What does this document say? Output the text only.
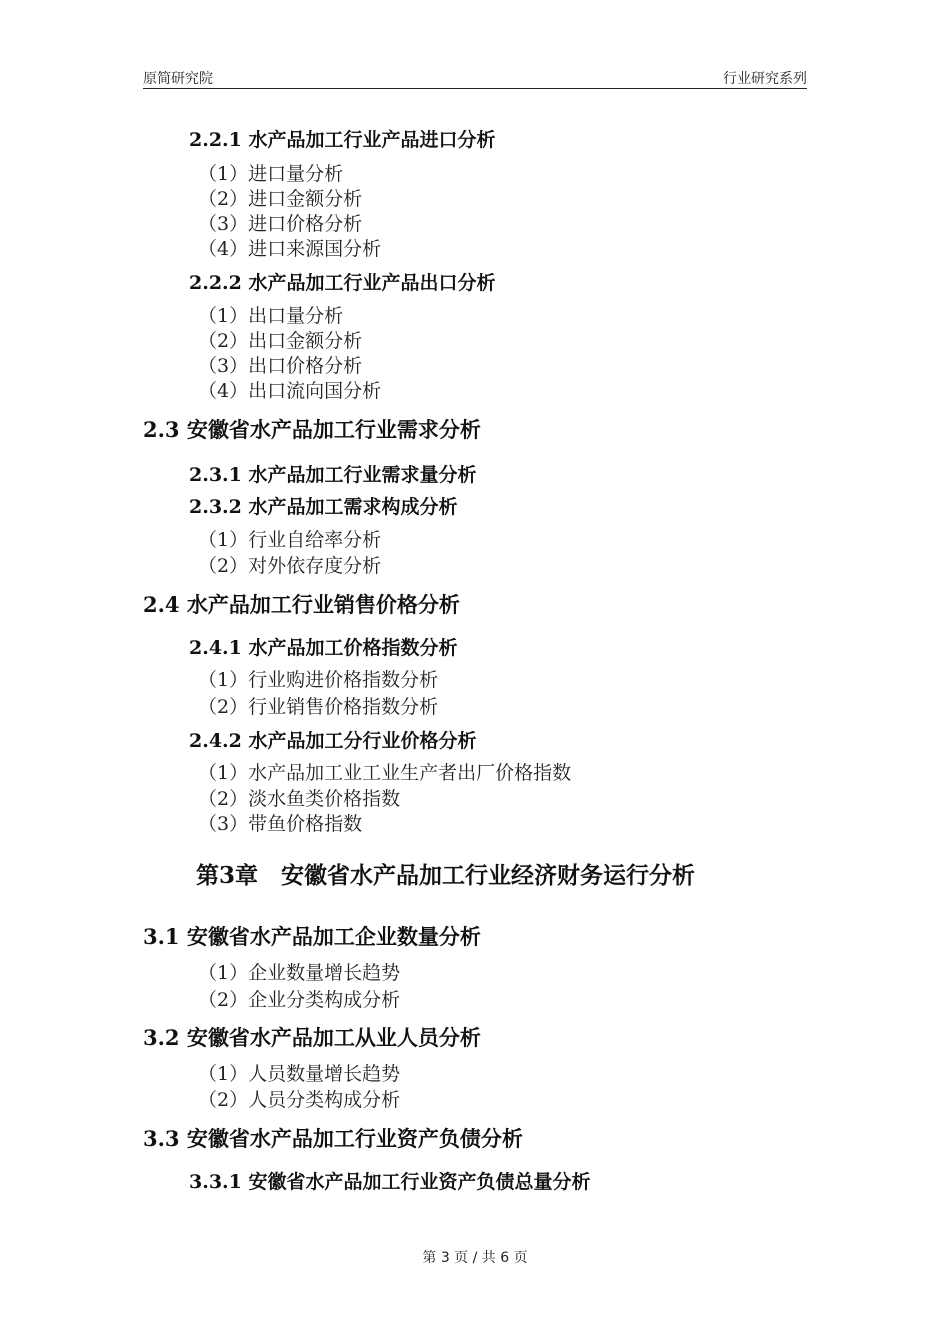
原简研究院	行业研究系列
2.2.1 水产品加工行业产品进口分析
（1）进口量分析
（2）进口金额分析
（3）进口价格分析
（4）进口来源国分析
2.2.2 水产品加工行业产品出口分析
（1）出口量分析
（2）出口金额分析
（3）出口价格分析
（4）出口流向国分析
2.3 安徽省水产品加工行业需求分析
2.3.1 水产品加工行业需求量分析
2.3.2 水产品加工需求构成分析
（1）行业自给率分析
（2）对外依存度分析
2.4 水产品加工行业销售价格分析
2.4.1 水产品加工价格指数分析
（1）行业购进价格指数分析
（2）行业销售价格指数分析
2.4.2 水产品加工分行业价格分析
（1）水产品加工业工业生产者出厂价格指数
（2）淡水鱼类价格指数
（3）带鱼价格指数
第3章　安徽省水产品加工行业经济财务运行分析
3.1 安徽省水产品加工企业数量分析
（1）企业数量增长趋势
（2）企业分类构成分析
3.2 安徽省水产品加工从业人员分析
（1）人员数量增长趋势
（2）人员分类构成分析
3.3 安徽省水产品加工行业资产负债分析
3.3.1 安徽省水产品加工行业资产负债总量分析
第 3 页 / 共 6 页
